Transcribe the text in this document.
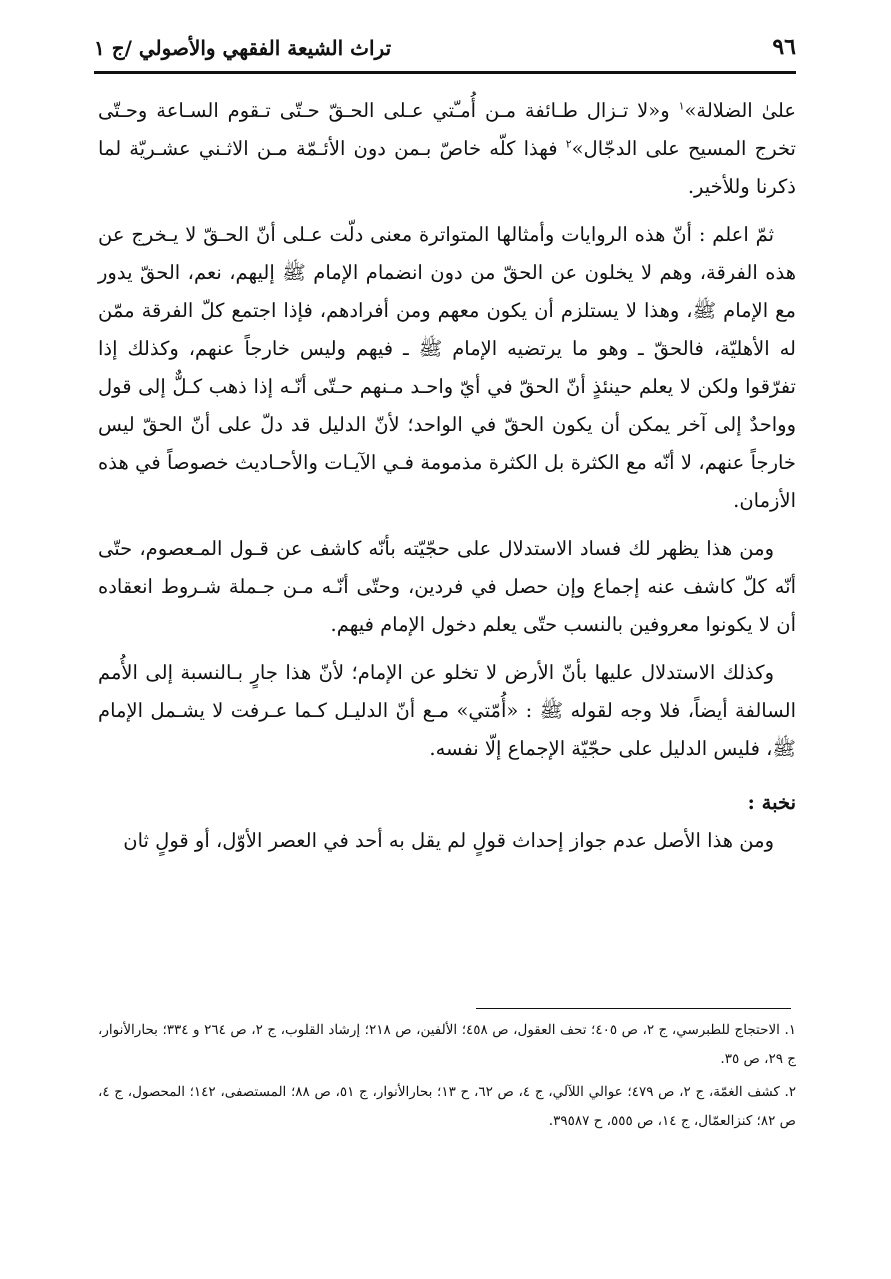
تراث الشيعة الفقهي والأصولي /ج ١	٩٦

علىٰ الضلالة»$^١$ و«لا تـزال طـائفة مـن أُمـّتي عـلى الحـقّ حـتّى تـقوم السـاعة وحـتّى تخرج المسيح على الدجّال»$^٢$ فهذا كلّه خاصّ بـمن دون الأئـمّة مـن الاثـني عشـريّة لما ذكرنا وللأخير.

ثمّ اعلم : أنّ هذه الروايات وأمثالها المتواترة معنى دلّت عـلى أنّ الحـقّ لا يـخرج عن هذه الفرقة، وهم لا يخلون عن الحقّ من دون انضمام الإمام ﷺ إليهم، نعم، الحقّ يدور مع الإمام ﷺ، وهذا لا يستلزم أن يكون معهم ومن أفرادهم، فإذا اجتمع كلّ الفرقة ممّن له الأهليّة، فالحقّ ـ وهو ما يرتضيه الإمام ﷺ ـ فيهم وليس خارجاً عنهم، وكذلك إذا تفرّقوا ولكن لا يعلم حينئذٍ أنّ الحقّ في أيّ واحـد مـنهم حـتّى أنّـه إذا ذهب كـلٌّ إلى قول وواحدٌ إلى آخر يمكن أن يكون الحقّ في الواحد؛ لأنّ الدليل قد دلّ على أنّ الحقّ ليس خارجاً عنهم، لا أنّه مع الكثرة بل الكثرة مذمومة فـي الآيـات والأحـاديث خصوصاً في هذه الأزمان.

ومن هذا يظهر لك فساد الاستدلال على حجّيّته بأنّه كاشف عن قـول المـعصوم، حتّى أنّه كلّ كاشف عنه إجماع وإن حصل في فردين، وحتّى أنّـه مـن جـملة شـروط انعقاده أن لا يكونوا معروفين بالنسب حتّى يعلم دخول الإمام فيهم.

وكذلك الاستدلال عليها بأنّ الأرض لا تخلو عن الإمام؛ لأنّ هذا جارٍ بـالنسبة إلى الأُمم السالفة أيضاً، فلا وجه لقوله ﷺ : «أُمّتي» مـع أنّ الدليـل كـما عـرفت لا يشـمل الإمام ﷺ، فليس الدليل على حجّيّة الإجماع إلّا نفسه.

نخبة :

ومن هذا الأصل عدم جواز إحداث قولٍ لم يقل به أحد في العصر الأوّل، أو قولٍ ثان

١. الاحتجاج للطبرسي، ج ٢، ص ٤٠٥؛ تحف العقول، ص ٤٥٨؛ الألفين، ص ٢١٨؛ إرشاد القلوب، ج ٢، ص ٢٦٤ و ٣٣٤؛ بحارالأنوار، ج ٢٩، ص ٣٥.

٢. كشف الغمّة، ج ٢، ص ٤٧٩؛ عوالي اللآلي، ج ٤، ص ٦٢، ح ١٣؛ بحارالأنوار، ج ٥١، ص ٨٨؛ المستصفى، ١٤٢؛ المحصول، ج ٤، ص ٨٢؛ كنزالعمّال، ج ١٤، ص ٥٥٥، ح ٣٩٥٨٧.
